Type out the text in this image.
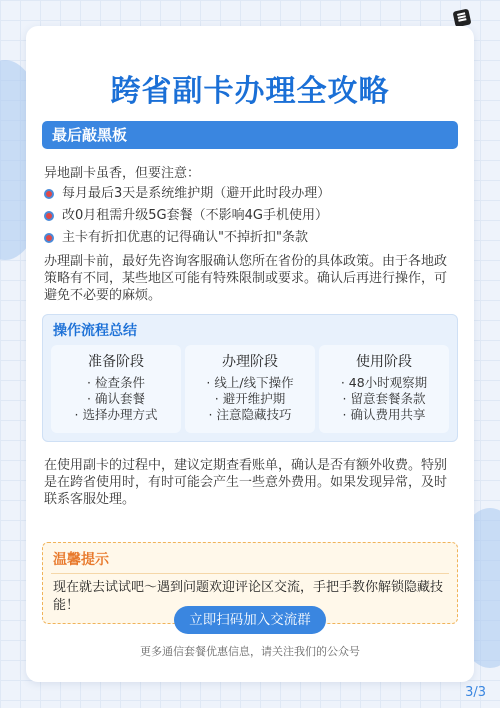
跨省副卡办理全攻略
最后敲黑板
异地副卡虽香，但要注意：
每月最后3天是系统维护期（避开此时段办理）
改0月租需升级5G套餐（不影响4G手机使用）
主卡有折扣优惠的记得确认"不掉折扣"条款
办理副卡前，最好先咨询客服确认您所在省份的具体政策。由于各地政策略有不同，某些地区可能有特殊限制或要求。确认后再进行操作，可避免不必要的麻烦。
操作流程总结
准备阶段
· 检查条件
· 确认套餐
· 选择办理方式
办理阶段
· 线上/线下操作
· 避开维护期
· 注意隐藏技巧
使用阶段
· 48小时观察期
· 留意套餐条款
· 确认费用共享
在使用副卡的过程中，建议定期查看账单，确认是否有额外收费。特别是在跨省使用时，有时可能会产生一些意外费用。如果发现异常，及时联系客服处理。
温馨提示
现在就去试试吧～遇到问题欢迎评论区交流，手把手教你解锁隐藏技能！
立即扫码加入交流群
更多通信套餐优惠信息，请关注我们的公众号
3/3
